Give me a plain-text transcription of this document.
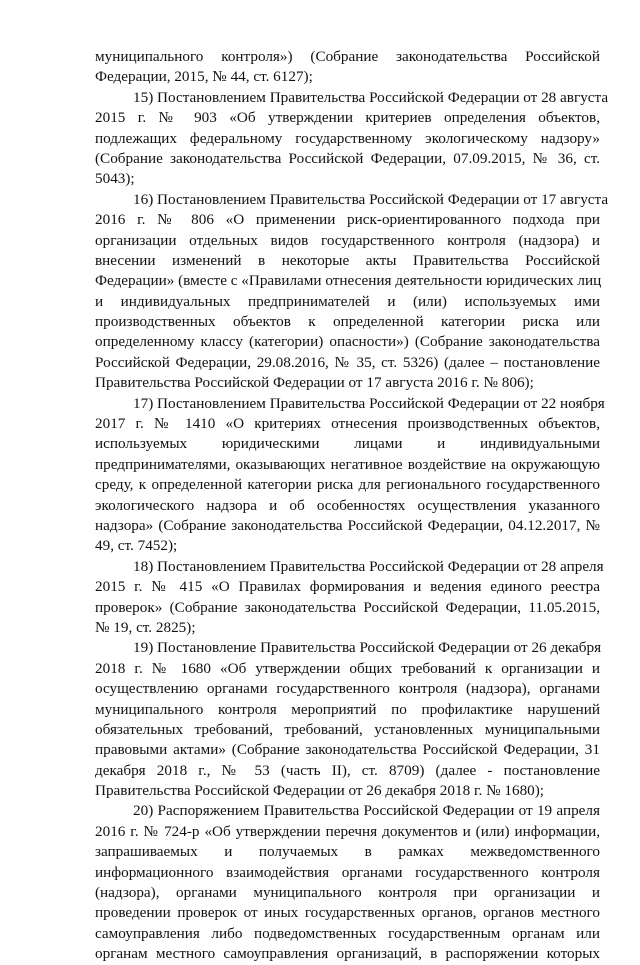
муниципального контроля») (Собрание законодательства Российской
Федерации, 2015, № 44, ст. 6127);
15) Постановлением Правительства Российской Федерации от 28 августа
2015 г. № 903 «Об утверждении критериев определения объектов,
подлежащих федеральному государственному экологическому надзору»
(Собрание законодательства Российской Федерации, 07.09.2015, № 36, ст.
5043);
16) Постановлением Правительства Российской Федерации от 17 августа
2016 г. № 806 «О применении риск-ориентированного подхода при
организации отдельных видов государственного контроля (надзора) и
внесении изменений в некоторые акты Правительства Российской
Федерации» (вместе с «Правилами отнесения деятельности юридических лиц
и индивидуальных предпринимателей и (или) используемых ими
производственных объектов к определенной категории риска или
определенному классу (категории) опасности») (Собрание законодательства
Российской Федерации, 29.08.2016, № 35, ст. 5326) (далее – постановление
Правительства Российской Федерации от 17 августа 2016 г. № 806);
17) Постановлением Правительства Российской Федерации от 22 ноября
2017 г. № 1410 «О критериях отнесения производственных объектов,
используемых юридическими лицами и индивидуальными
предпринимателями, оказывающих негативное воздействие на окружающую
среду, к определенной категории риска для регионального государственного
экологического надзора и об особенностях осуществления указанного
надзора» (Собрание законодательства Российской Федерации, 04.12.2017, №
49, ст. 7452);
18) Постановлением Правительства Российской Федерации от 28 апреля
2015 г. № 415 «О Правилах формирования и ведения единого реестра
проверок» (Собрание законодательства Российской Федерации, 11.05.2015,
№ 19, ст. 2825);
19) Постановление Правительства Российской Федерации от 26 декабря
2018 г. № 1680 «Об утверждении общих требований к организации и
осуществлению органами государственного контроля (надзора), органами
муниципального контроля мероприятий по профилактике нарушений
обязательных требований, требований, установленных муниципальными
правовыми актами» (Собрание законодательства Российской Федерации, 31
декабря 2018 г., № 53 (часть II), ст. 8709) (далее - постановление
Правительства Российской Федерации от 26 декабря 2018 г. № 1680);
20) Распоряжением Правительства Российской Федерации от 19 апреля
2016 г. № 724-р «Об утверждении перечня документов и (или) информации,
запрашиваемых и получаемых в рамках межведомственного
информационного взаимодействия органами государственного контроля
(надзора), органами муниципального контроля при организации и
проведении проверок от иных государственных органов, органов местного
самоуправления либо подведомственных государственным органам или
органам местного самоуправления организаций, в распоряжении которых
